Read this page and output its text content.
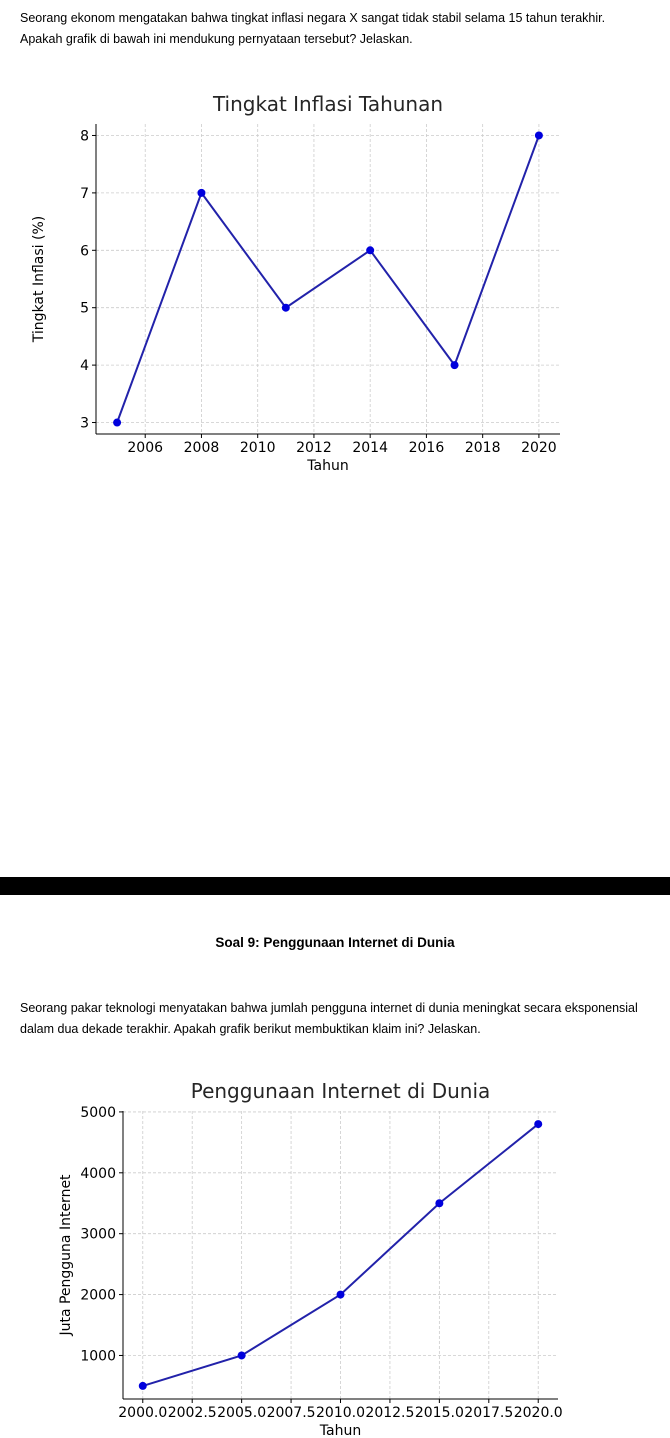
Seorang ekonom mengatakan bahwa tingkat inflasi negara X sangat tidak stabil selama 15 tahun terakhir. Apakah grafik di bawah ini mendukung pernyataan tersebut? Jelaskan.

2006 2008 2010 2012 2014 2016 2018 2020
3
4
5
6
7
8
Tingkat Inflasi Tahunan
Tahun
Tingkat Inflasi (%)
Soal 9: Penggunaan Internet di Dunia

Seorang pakar teknologi menyatakan bahwa jumlah pengguna internet di dunia meningkat secara eksponensial dalam dua dekade terakhir. Apakah grafik berikut membuktikan klaim ini? Jelaskan.

2000.0 2002.5 2005.0 2007.5 2010.0 2012.5 2015.0 2017.5 2020.0
1000
2000
3000
4000
5000
Penggunaan Internet di Dunia
Tahun
Juta Pengguna Internet
